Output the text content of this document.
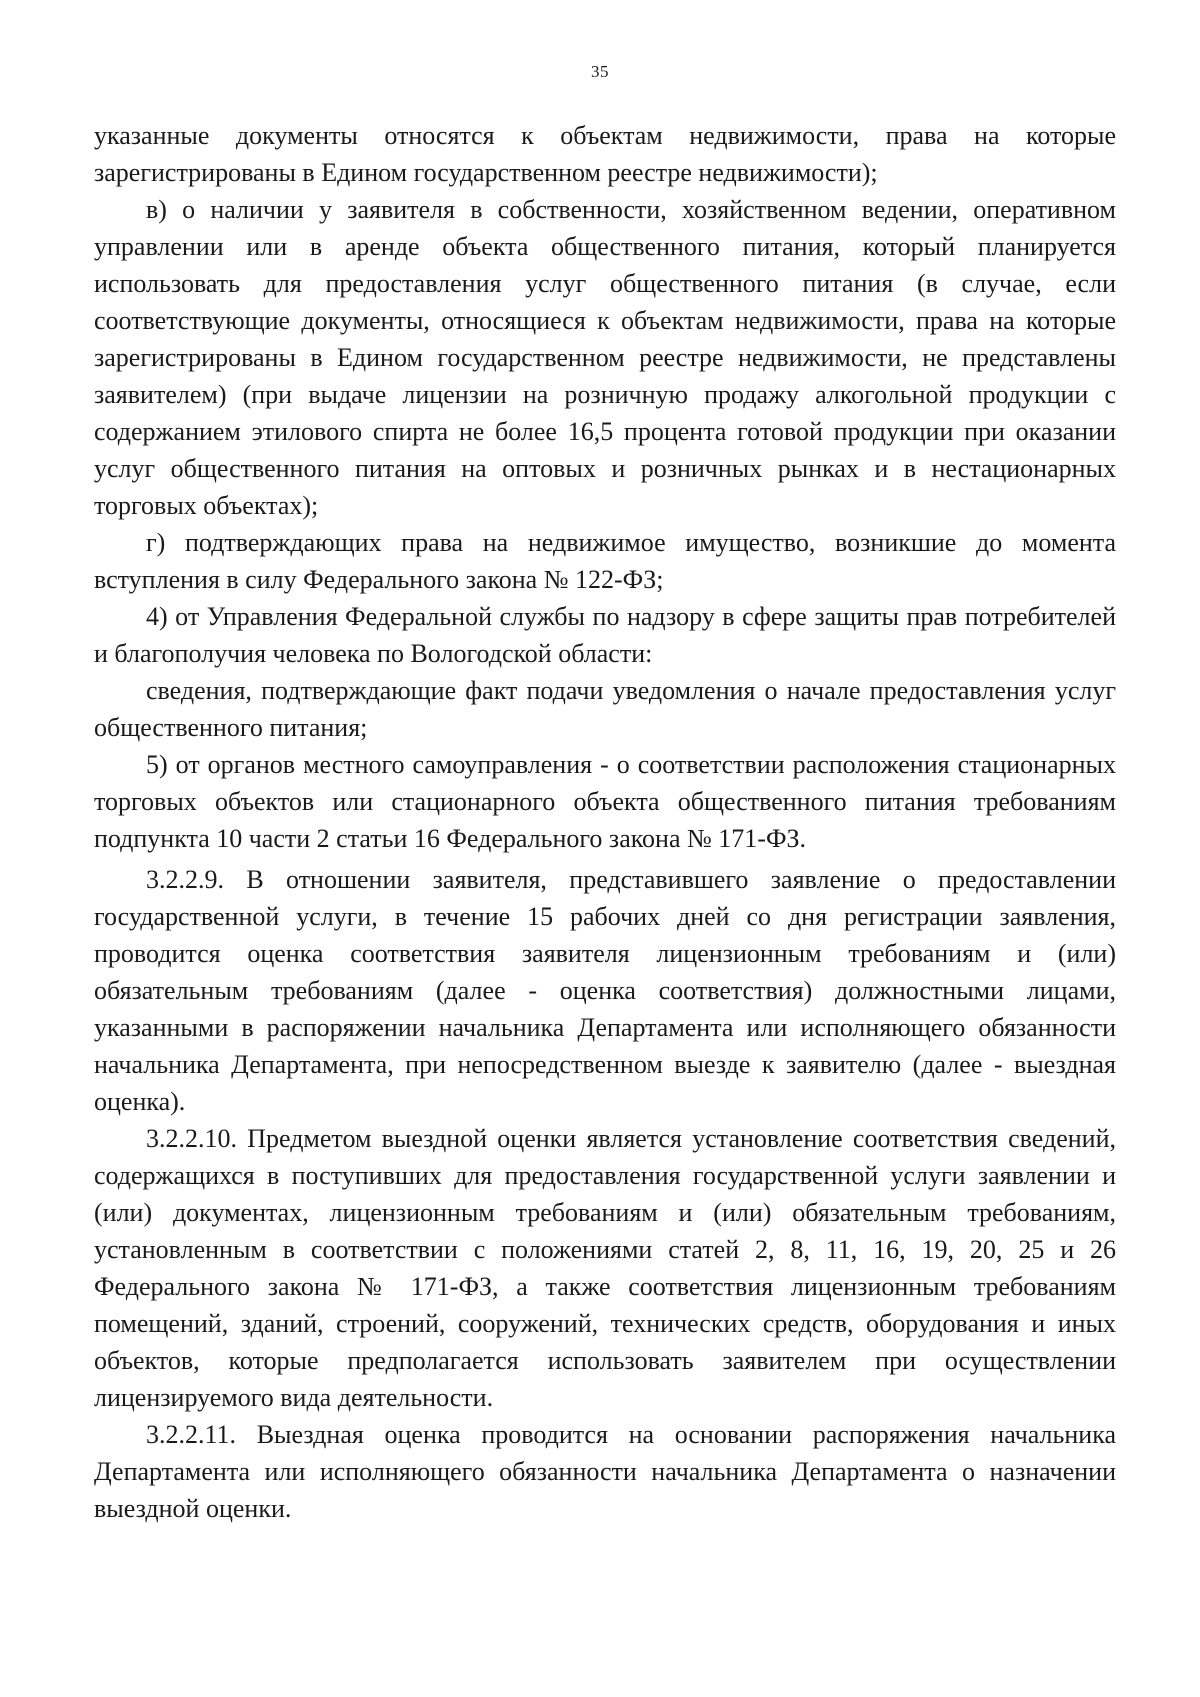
35

указанные документы относятся к объектам недвижимости, права на которые зарегистрированы в Едином государственном реестре недвижимости);

в) о наличии у заявителя в собственности, хозяйственном ведении, оперативном управлении или в аренде объекта общественного питания, который планируется использовать для предоставления услуг общественного питания (в случае, если соответствующие документы, относящиеся к объектам недвижимости, права на которые зарегистрированы в Едином государственном реестре недвижимости, не представлены заявителем) (при выдаче лицензии на розничную продажу алкогольной продукции с содержанием этилового спирта не более 16,5 процента готовой продукции при оказании услуг общественного питания на оптовых и розничных рынках и в нестационарных торговых объектах);

г) подтверждающих права на недвижимое имущество, возникшие до момента вступления в силу Федерального закона № 122-ФЗ;

4) от Управления Федеральной службы по надзору в сфере защиты прав потребителей и благополучия человека по Вологодской области:

сведения, подтверждающие факт подачи уведомления о начале предоставления услуг общественного питания;

5) от органов местного самоуправления - о соответствии расположения стационарных торговых объектов или стационарного объекта общественного питания требованиям подпункта 10 части 2 статьи 16 Федерального закона № 171-ФЗ.

3.2.2.9. В отношении заявителя, представившего заявление о предоставлении государственной услуги, в течение 15 рабочих дней со дня регистрации заявления, проводится оценка соответствия заявителя лицензионным требованиям и (или) обязательным требованиям (далее - оценка соответствия) должностными лицами, указанными в распоряжении начальника Департамента или исполняющего обязанности начальника Департамента, при непосредственном выезде к заявителю (далее - выездная оценка).

3.2.2.10. Предметом выездной оценки является установление соответствия сведений, содержащихся в поступивших для предоставления государственной услуги заявлении и (или) документах, лицензионным требованиям и (или) обязательным требованиям, установленным в соответствии с положениями статей 2, 8, 11, 16, 19, 20, 25 и 26 Федерального закона № 171-ФЗ, а также соответствия лицензионным требованиям помещений, зданий, строений, сооружений, технических средств, оборудования и иных объектов, которые предполагается использовать заявителем при осуществлении лицензируемого вида деятельности.

3.2.2.11. Выездная оценка проводится на основании распоряжения начальника Департамента или исполняющего обязанности начальника Департамента о назначении выездной оценки.
